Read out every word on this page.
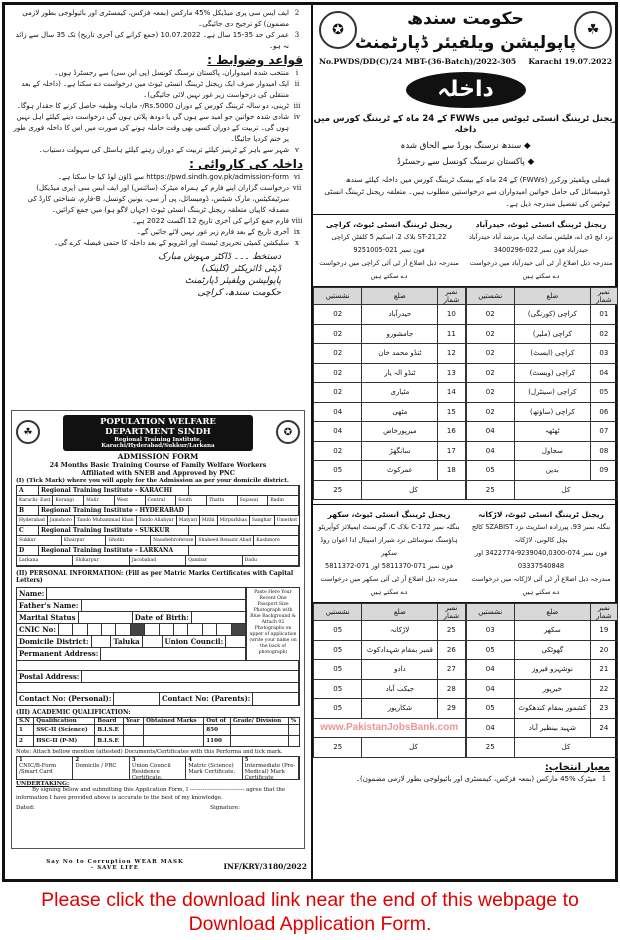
2
ایف ایس سی پری میڈیکل %45 مارکس (بمعہ فزکس، کیمسٹری اور بائیولوجی بطور لازمی مضمون) کو ترجیح دی جائیگی۔
3
عمر کی حد 35-15 سال ہے۔ 10.07.2022 (جمع کرانے کی آخری تاریخ) تک 35 سال سے زائد نہ ہو۔
قواعد وضوابط :
i
منتخب شدہ امیدواران، پاکستان نرسنگ کونسل (پی این سی) سے رجسٹرڈ ہوں۔
ii
ایک امیدوار صرف ایک ریجنل ٹریننگ انسٹی ٹیوٹ میں درخواست دے سکتا ہے۔ (داخلہ کے بعد منتقلی کی درخواست زیر غور نہیں لائی جائیگی)۔
iii
ٹرینی، دو سالہ ٹریننگ کورس کے دوران Rs.5000/- ماہانہ وظیفہ حاصل کرنے کا حقدار ہوگا۔
iv
شادی شدہ خواتین جو امید سے ہوں گی یا دودھ پلاتی ہوں گی درخواست دینے کیلئے اہل نہیں ہوں گی۔ تربیت کے دوران کسی بھی وقت حاملہ ہونے کی صورت میں اس کا داخلہ فوری طور پر ختم کردیا جائیگا۔
v
شہر سے باہر کے ٹرینیز کیلئے تربیت کے دوران رہنے کیلئے ہاسٹل کی سہولت دستیاب۔
داخلہ کی کاروائی :
vi
https://pwd.sindh.gov.pk/admission-form سے ڈاؤن لوڈ کیا جا سکتا ہے۔
vii
درخواست گزاران اپنے فارم کے ہمراہ میٹرک (سائنس) اور ایف ایس سی (پری میڈیکل) سرٹیفکیٹس، مارک شیٹس، ڈومیسائل، پی آر سی، یونین کونسل، B-فارم، شناختی کارڈ کی مصدقہ کاپیاں متعلقہ ریجنل ٹریننگ انسٹی ٹیوٹ (جہاں لاگو ہو) میں جمع کرائیں۔
viii
فارم جمع کرانے کی آخری تاریخ 12 اگست 2022 ہے۔
ix
آخری تاریخ کے بعد فارم زیر غور نہیں لائے جائیں گے۔
x
سلیکشن کمیٹی تحریری ٹیسٹ اور انٹرویو کے بعد داخلہ کا حتمی فیصلہ کرے گی۔
دستخط ۔۔۔ ڈاکٹر مہوش مبارک
ڈپٹی ڈائریکٹر (کلینک)
پاپولیشن ویلفیئر ڈپارٹمنٹ
حکومت سندھ، کراچی
☘
POPULATION WELFARE DEPARTMENT SINDH
Regional Training Institute, Karachi/Hyderabad/Sukkur/Larkana
✪
ADMISSION FORM
24 Months Basic Training Course of Family Welfare Workers
Affiliated with SNEB and Approved by PNC
(I) (Tick Mark) where you will apply for the Admission as per your domicile district.
A	Regional Training Institute - KARACHI
Karachi- East	Korangi	Malir	West	Central	South	Thatta	Sujawal	Badin
B	Regional Training Institute - HYDERABAD
Hyderabad	Jamshoro	Tando Muhammad Khan	Tando Allahyar	Matyari	Mithi	Mirpurkhas	Sanghar	Umerkot
C	Regional Training Institute - SUKKUR
Sukkur	Khairpur	Ghotki	Naushehroferoze	Shaheed Benazir Abad	Kashmore
D	Regional Training Institute - LARKANA
Larkana	Shikarpur	Jacobabad	Qambar	Dadu
(II) PERSONAL INFORMATION: (Fill as per Matric Marks Certificates with Capital Letters)
Name:
Father's Name:
Marital Status	Date of Birth:
CNIC No:
Domicile District:	Taluka	Union Council:
Permanent Address:
Paste Here Your Recent One Passport Size Photograph with Blue Background & Attach 02 Photographs on upper of application (write your name on the back of photograph)
Postal Address:
Contact No: (Personal):	Contact No: (Parents):
(III) ACADEMIC QUALIFICATION:
S.N	Qualification	Board	Year	Obtained Marks	Out of	Grade/ Division	%
1	SSC-II (Science)	B.I.S.E			850		
2	HSC-II (P-M)	B.I.S.E			1100		
Note: Attach bellow mention (attested) Documents/Certificates with this Performa and tick mark.
1
CNIC/B-Form /Smart Card
2
Domicile / PRC
3
Union Council Residence Certificate.
4
Matric (Science) Mark Certificate.
5
Intermediate (Pre-Medical) Mark Certificate
UNDERTAKING:
By signing below and submitting this Application Form, I ------------------------------ agree that the information I have provided above is accurate to the best of my knowledge.
Dated:	Signature:
Say No to Corruption WEAR MASK - SAVE LIFE	INF/KRY/3180/2022
✪	☘
حکومت سندھ
پاپولیشن ویلفیئر ڈپارٹمنٹ
No.PWDS/DD(C)/24 MBT-(36-Batch)/2022-305 Karachi 19.07.2022
داخلہ
ریجنل ٹریننگ انسٹی ٹیوٹس میں FWWs کے 24 ماہ کے ٹریننگ کورس میں داخلہ
◆ سندھ نرسنگ بورڈ سے الحاق شدہ
◆ پاکستان نرسنگ کونسل سے رجسٹرڈ
فیملی ویلفیئر ورکرز (FWWs) کے 24 ماہ کے بیسک ٹریننگ کورس میں داخلہ کیلئے سندھ ڈومیسائل کی حامل خواتین امیدواران سے درخواستیں مطلوب ہیں۔ متعلقہ ریجنل ٹریننگ انسٹی ٹیوٹس کی تفصیل مندرجہ ذیل ہے۔
ریجنل ٹریننگ انسٹی ٹیوٹ، کراچی
ST-21,22 بلاک 2، اسکیم 5 کلفٹن کراچی
فون نمبر 021-9251005
مندرجہ ذیل اضلاع آر ٹی آئی کراچی میں درخواست دے سکتے ہیں
ریجنل ٹریننگ انسٹی ٹیوٹ، حیدرآباد
نزد ایچ ڈی اے، فلیٹس سائٹ ایریا، مرشد آباد حیدرآباد
حیدرآباد فون نمبر 022-3400296
مندرجہ ذیل اضلاع آر ٹی آئی حیدرآباد میں درخواست دے سکتے ہیں
نمبر شمار	ضلع	نشستیں
01	کراچی (کورنگی)	02
02	کراچی (ملیر)	02
03	کراچی (ایسٹ)	02
04	کراچی (ویسٹ)	02
05	کراچی (سینٹرل)	02
06	کراچی (ساؤتھ)	02
07	ٹھٹھہ	04
08	سجاول	04
09	بدین	05
کل		25
نمبر شمار	ضلع	نشستیں
10	حیدرآباد	02
11	جامشورو	02
12	ٹنڈو محمد خان	02
13	ٹنڈو الہ یار	02
14	مٹیاری	02
15	مٹھی	04
16	میرپورخاص	04
17	سانگھڑ	02
18	عمرکوٹ	05
کل		25
ریجنل ٹریننگ انسٹی ٹیوٹ، سکھر
بنگلہ نمبر C-172 بلاک C، گورنمنٹ ایمپلائز کوآپریٹو ہاؤسنگ سوسائٹی نزد شیراز اسپتال ادا اعوان روڈ سکھر
فون نمبر 071-5811370 اور 071-5811372
مندرجہ ذیل اضلاع آر ٹی آئی سکھر میں درخواست دے سکتے ہیں
ریجنل ٹریننگ انسٹی ٹیوٹ، لاڑکانہ
بنگلہ نمبر 93، پیرزادہ اسٹریٹ نزد SZABIST کالج بچل کالونی، لاڑکانہ
فون نمبر 074-9239040,0300-3422774 اور 03337540848
مندرجہ ذیل اضلاع آر ٹی آئی لاڑکانہ میں درخواست دے سکتے ہیں
نمبر شمار	ضلع	نشستیں
19	سکھر	03
20	گھوٹکی	05
21	نوشہرو فیروز	04
22	خیرپور	04
23	کشمور بمقام کندھکوٹ	05
24	شہید بینظیر آباد	04
کل		25
نمبر شمار	ضلع	نشستیں
25	لاڑکانہ	05
26	قمبر بمقام شہدادکوٹ	05
27	دادو	05
28	جیکب آباد	05
29	شکارپور	05
www.PakistanJobsBank.com		
کل		25
معیار انتخاب:
1
میٹرک %45 مارکس (بمعہ فزکس، کیمسٹری اور بائیولوجی بطور لازمی مضمون)۔
Please click the download link near the end of this webpage to
Download Application Form.
